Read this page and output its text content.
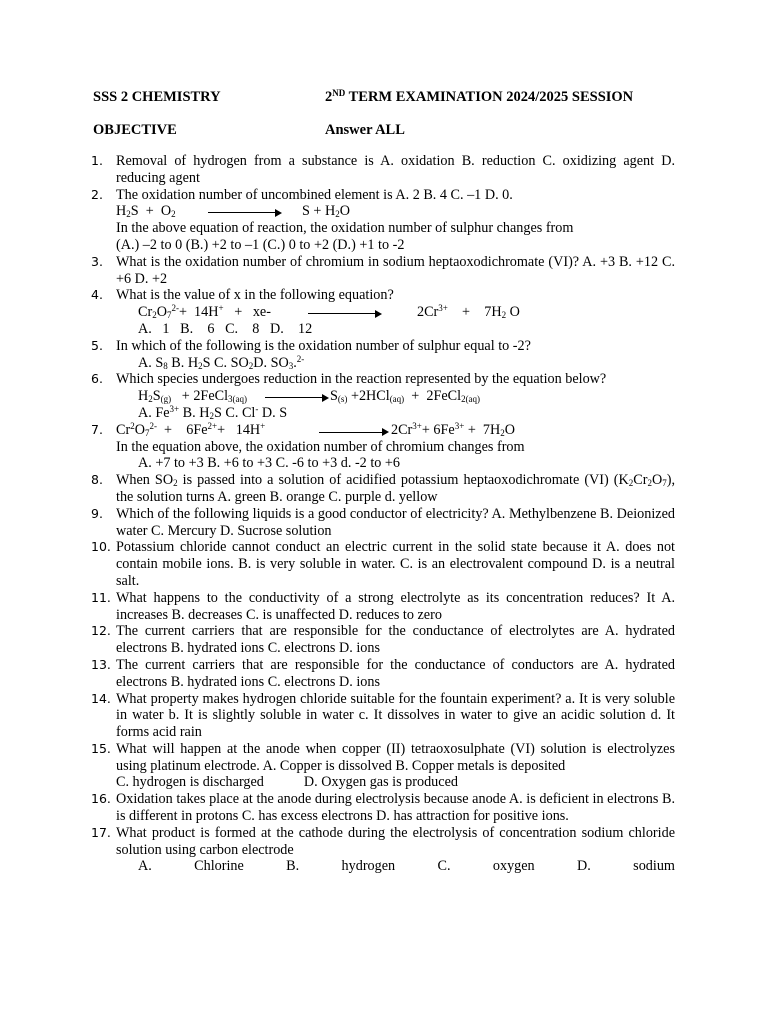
SSS 2 CHEMISTRY	2ND TERM EXAMINATION 2024/2025 SESSION
OBJECTIVE	Answer ALL
Removal of hydrogen from a substance is A. oxidation B. reduction C. oxidizing agent D. reducing agent
The oxidation number of uncombined element is A. 2 B. 4 C. –1 D. 0.
$H_2S + O_2$	$S + H_2O$
In the above equation of reaction, the oxidation number of sulphur changes from
(A.) –2 to 0 (B.) +2 to –1 (C.) 0 to +2 (D.) +1 to -2
What is the oxidation number of chromium in sodium heptaoxodichromate (VI)? A. +3 B. +12 C. +6 D. +2
What is the value of x in the following equation?
$Cr_2O_7^{2-}+ 14H^+ + xe-$	$2Cr^{3+}$    +    $7H_2$ O
A.   1   B.    6   C.    8   D.    12
In which of the following is the oxidation number of sulphur equal to -2?
A. $S_8$ B. $H_2S$ C. $SO_2D$. $SO_3.^{2-}$
Which species undergoes reduction in the reaction represented by the equation below?
$H_2S_{(g)}$   + 2FeCl$_{3(aq)}$	$S_{(s)} +2HCl_{(aq)}$  +  2FeCl$_{2(aq)}$
A. $Fe^{3+}$ B. $H_2S$ C. Cl- D. S
$Cr^2O_7^{2-}$  +    $6Fe^{2+}+ 14H^+$	$2Cr^{3+}+ 6Fe^{3+} + 7H_2O$
In the equation above, the oxidation number of chromium changes from
A. +7 to +3 B. +6 to +3 C. -6 to +3 d. -2 to +6
When $SO_2$ is passed into a solution of acidified potassium heptaoxodichromate (VI) $(K_2Cr_2O_7)$, the solution turns A. green B. orange C. purple d. yellow
Which of the following liquids is a good conductor of electricity? A. Methylbenzene B. Deionized water C. Mercury D. Sucrose solution
Potassium chloride cannot conduct an electric current in the solid state because it A. does not contain mobile ions. B. is very soluble in water. C. is an electrovalent compound D. is a neutral salt.
What happens to the conductivity of a strong electrolyte as its concentration reduces? It A. increases B. decreases C. is unaffected D. reduces to zero
The current carriers that are responsible for the conductance of electrolytes are A. hydrated electrons B. hydrated ions C. electrons D. ions
The current carriers that are responsible for the conductance of conductors are A. hydrated electrons B. hydrated ions C. electrons D. ions
What property makes hydrogen chloride suitable for the fountain experiment? a. It is very soluble in water b. It is slightly soluble in water c. It dissolves in water to give an acidic solution d. It forms acid rain
What will happen at the anode when copper (II) tetraoxosulphate (VI) solution is electrolyzes using platinum electrode. A. Copper is dissolved B. Copper metals is deposited
C. hydrogen is discharged	D. Oxygen gas is produced
Oxidation takes place at the anode during electrolysis because anode A. is deficient in electrons B. is different in protons C. has excess electrons D. has attraction for positive ions.
What product is formed at the cathode during the electrolysis of concentration sodium chloride solution using carbon electrode
A.	Chlorine	B.	hydrogen	C.	oxygen	D.	sodium
